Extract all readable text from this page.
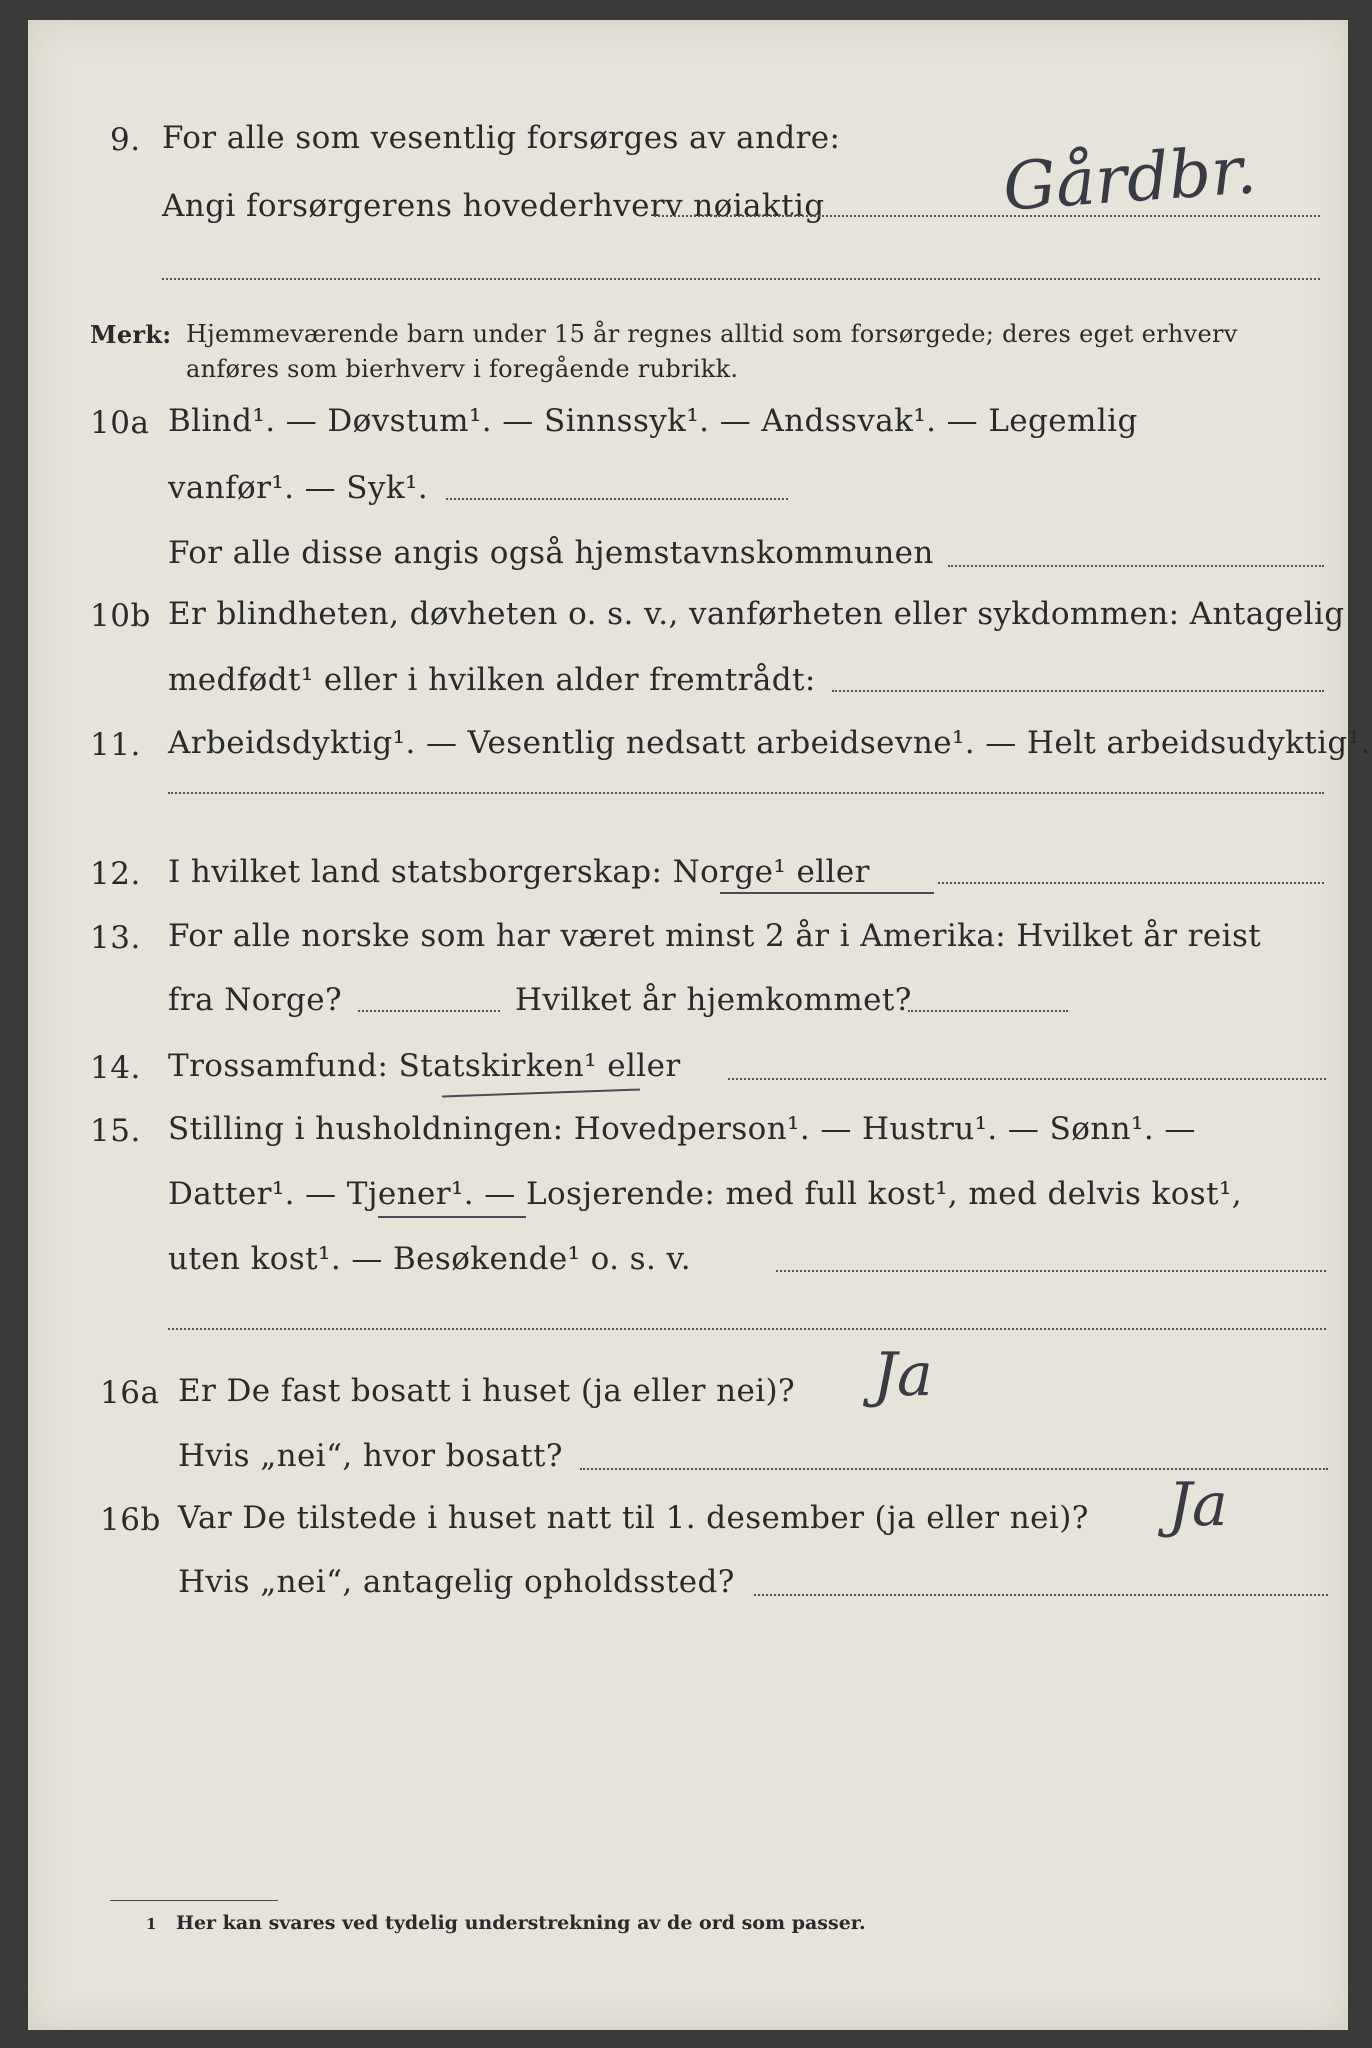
9. For alle som vesentlig forsørges av andre:
Angi forsørgerens hovederhverv nøiaktig	Gårdbr.
Merk: Hjemmeværende barn under 15 år regnes alltid som forsørgede; deres eget erhverv
anføres som bierhverv i foregående rubrikk.
10a Blind¹. — Døvstum¹. — Sinnssyk¹. — Andssvak¹. — Legemlig
vanfør¹. — Syk¹.
For alle disse angis også hjemstavnskommunen
10b Er blindheten, døvheten o. s. v., vanførheten eller sykdommen: Antagelig
medfødt¹ eller i hvilken alder fremtrådt:
11. Arbeidsdyktig¹. — Vesentlig nedsatt arbeidsevne¹. — Helt arbeidsudyktig¹.
12. I hvilket land statsborgerskap: Norge¹ eller
13. For alle norske som har været minst 2 år i Amerika: Hvilket år reist
fra Norge?	Hvilket år hjemkommet?
14. Trossamfund: Statskirken¹ eller
15. Stilling i husholdningen: Hovedperson¹. — Hustru¹. — Sønn¹. —
Datter¹. — Tjener¹. — Losjerende: med full kost¹, med delvis kost¹,
uten kost¹. — Besøkende¹ o. s. v.
16a Er De fast bosatt i huset (ja eller nei)? Ja
Hvis „nei“, hvor bosatt?
16b Var De tilstede i huset natt til 1. desember (ja eller nei)? Ja
Hvis „nei“, antagelig opholdssted?
1 Her kan svares ved tydelig understrekning av de ord som passer.
